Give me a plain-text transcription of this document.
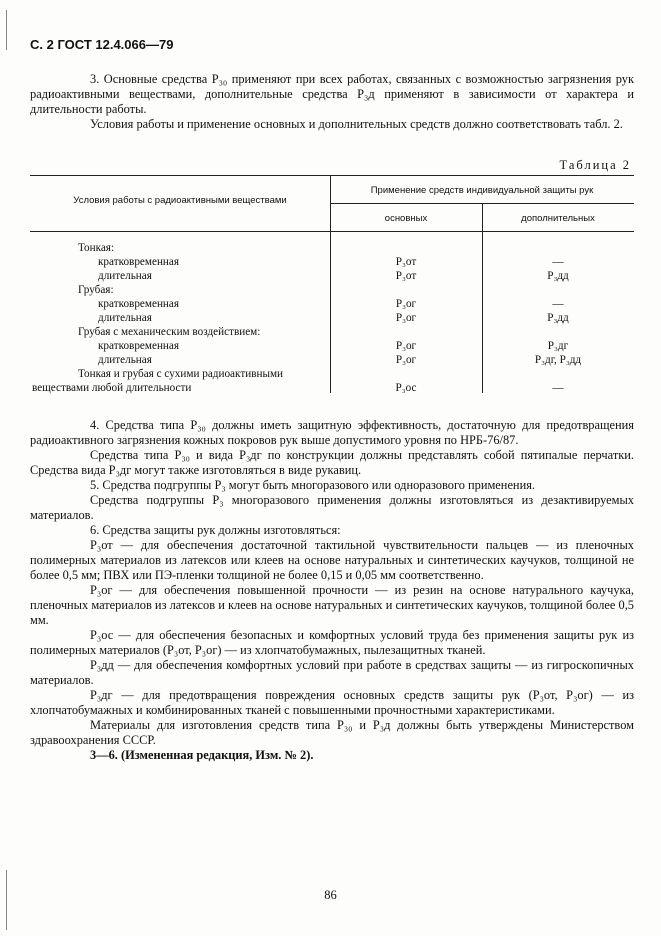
С. 2 ГОСТ 12.4.066—79

3. Основные средства Р₃₀ применяют при всех работах, связанных с возможностью загрязнения рук радиоактивными веществами, дополнительные средства Р₃д применяют в зависимости от характера и длительности работы.

Условия работы и применение основных и дополнительных средств должно соответствовать табл. 2.

Таблица 2
Условия работы с радиоактивными веществами
Применение средств индивидуальной защиты рук
основных	дополнительных
Тонкая:
кратковременная	Р₃от	—
длительная	Р₃от	Р₃дд
Грубая:
кратковременная	Р₃ог	—
длительная	Р₃ог	Р₃дд
Грубая с механическим воздействием:
кратковременная	Р₃ог	Р₃дг
длительная	Р₃ог	Р₃дг, Р₃дд
Тонкая и грубая с сухими радиоактивными
веществами любой длительности	Р₃ос	—

4. Средства типа Р₃₀ должны иметь защитную эффективность, достаточную для предотвращения радиоактивного загрязнения кожных покровов рук выше допустимого уровня по НРБ-76/87.

Средства типа Р₃₀ и вида Р₃дг по конструкции должны представлять собой пятипалые перчатки. Средства вида Р₃дг могут также изготовляться в виде рукавиц.

5. Средства подгруппы Р₃ могут быть многоразового или одноразового применения.

Средства подгруппы Р₃ многоразового применения должны изготовляться из дезактивируемых материалов.

6. Средства защиты рук должны изготовляться:

Р₃от — для обеспечения достаточной тактильной чувствительности пальцев — из пленочных полимерных материалов из латексов или клеев на основе натуральных и синтетических каучуков, толщиной не более 0,5 мм; ПВХ или ПЭ-пленки толщиной не более 0,15 и 0,05 мм соответственно.

Р₃ог — для обеспечения повышенной прочности — из резин на основе натурального каучука, пленочных материалов из латексов и клеев на основе натуральных и синтетических каучуков, толщиной более 0,5 мм.

Р₃ос — для обеспечения безопасных и комфортных условий труда без применения защиты рук из полимерных материалов (Р₃от, Р₃ог) — из хлопчатобумажных, пылезащитных тканей.

Р₃дд — для обеспечения комфортных условий при работе в средствах защиты — из гигроскопичных материалов.

Р₃дг — для предотвращения повреждения основных средств защиты рук (Р₃от, Р₃ог) — из хлопчатобумажных и комбинированных тканей с повышенными прочностными характеристиками.

Материалы для изготовления средств типа Р₃₀ и Р₃д должны быть утверждены Министерством здравоохранения СССР.

3—6. (Измененная редакция, Изм. № 2).

86
